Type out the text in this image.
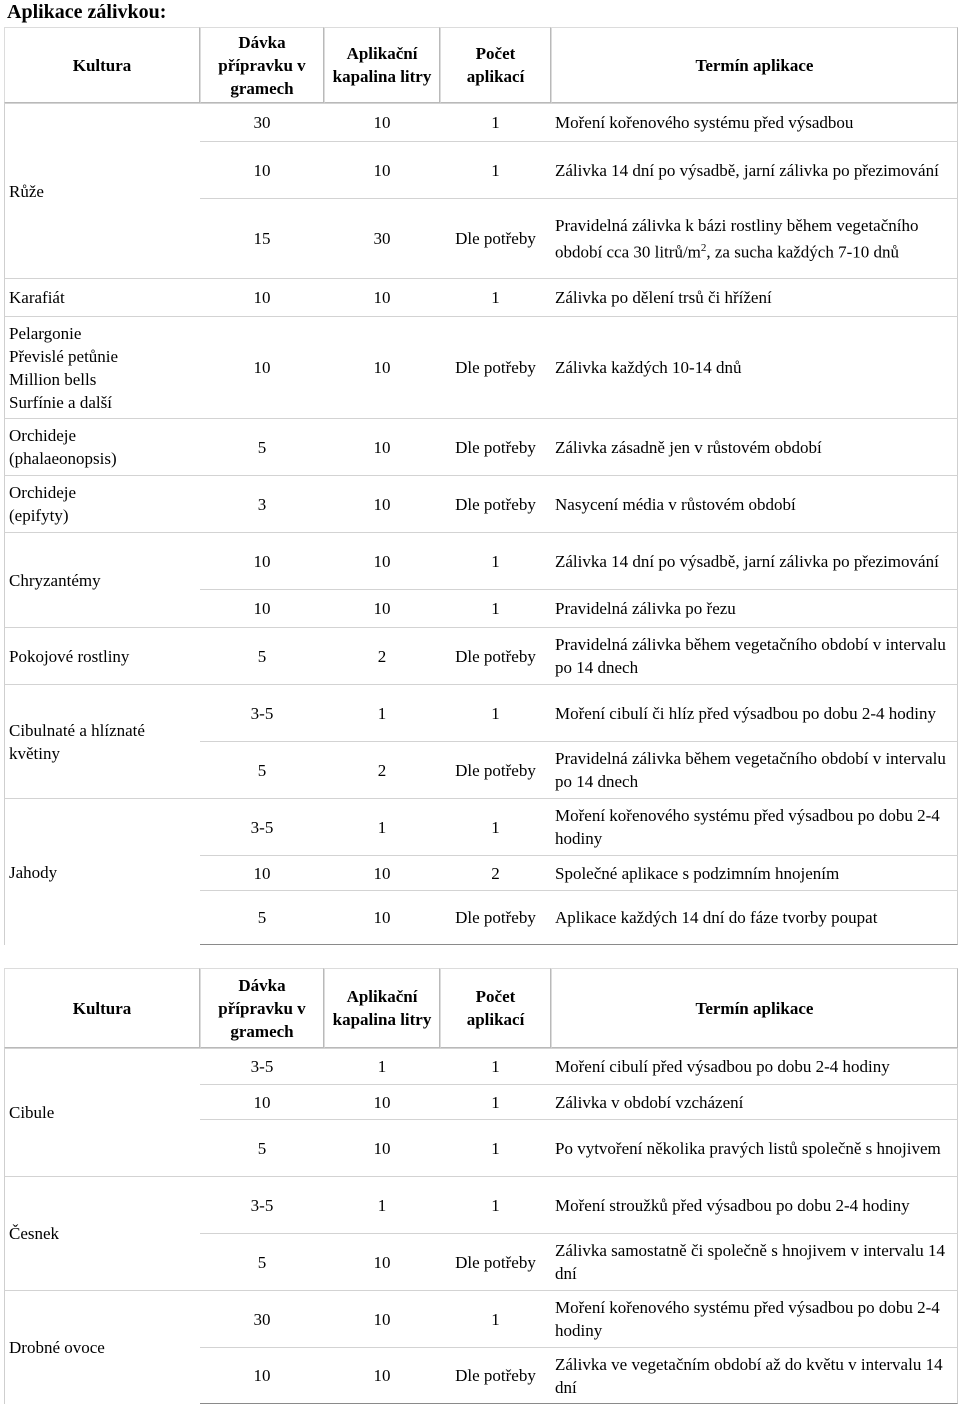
Aplikace zálivkou:
Kultura	Dávka přípravku v gramech	Aplikační kapalina litry	Počet aplikací	Termín aplikace
Růže	30	10	1	Moření kořenového systému před výsadbou
	10	10	1	Zálivka 14 dní po výsadbě, jarní zálivka po přezimování
	15	30	Dle potřeby	Pravidelná zálivka k bázi rostliny během vegetačního období cca 30 litrů/$m^2$, za sucha každých 7-10 dnů
Karafiát	10	10	1	Zálivka po dělení trsů či hřížení
Pelargonie
Převislé petůnie
Million bells
Surfínie a další	10	10	Dle potřeby	Zálivka každých 10-14 dnů
Orchideje
(phalaeonopsis)	5	10	Dle potřeby	Zálivka zásadně jen v růstovém období
Orchideje
(epifyty)	3	10	Dle potřeby	Nasycení média v růstovém období
Chryzantémy	10	10	1	Zálivka 14 dní po výsadbě, jarní zálivka po přezimování
	10	10	1	Pravidelná zálivka po řezu
Pokojové rostliny	5	2	Dle potřeby	Pravidelná zálivka během vegetačního období v intervalu po 14 dnech
Cibulnaté a hlíznaté
květiny	3-5	1	1	Moření cibulí či hlíz před výsadbou po dobu 2-4 hodiny
	5	2	Dle potřeby	Pravidelná zálivka během vegetačního období v intervalu po 14 dnech
Jahody	3-5	1	1	Moření kořenového systému před výsadbou po dobu 2-4 hodiny
	10	10	2	Společné aplikace s podzimním hnojením
	5	10	Dle potřeby	Aplikace každých 14 dní do fáze tvorby poupat
Kultura	Dávka přípravku v gramech	Aplikační kapalina litry	Počet aplikací	Termín aplikace
Cibule	3-5	1	1	Moření cibulí před výsadbou po dobu 2-4 hodiny
	10	10	1	Zálivka v období vzcházení
	5	10	1	Po vytvoření několika pravých listů společně s hnojivem
Česnek	3-5	1	1	Moření stroužků před výsadbou po dobu 2-4 hodiny
	5	10	Dle potřeby	Zálivka samostatně či společně s hnojivem v intervalu 14 dní
Drobné ovoce	30	10	1	Moření kořenového systému před výsadbou po dobu 2-4 hodiny
	10	10	Dle potřeby	Zálivka ve vegetačním období až do květu v intervalu 14 dní
